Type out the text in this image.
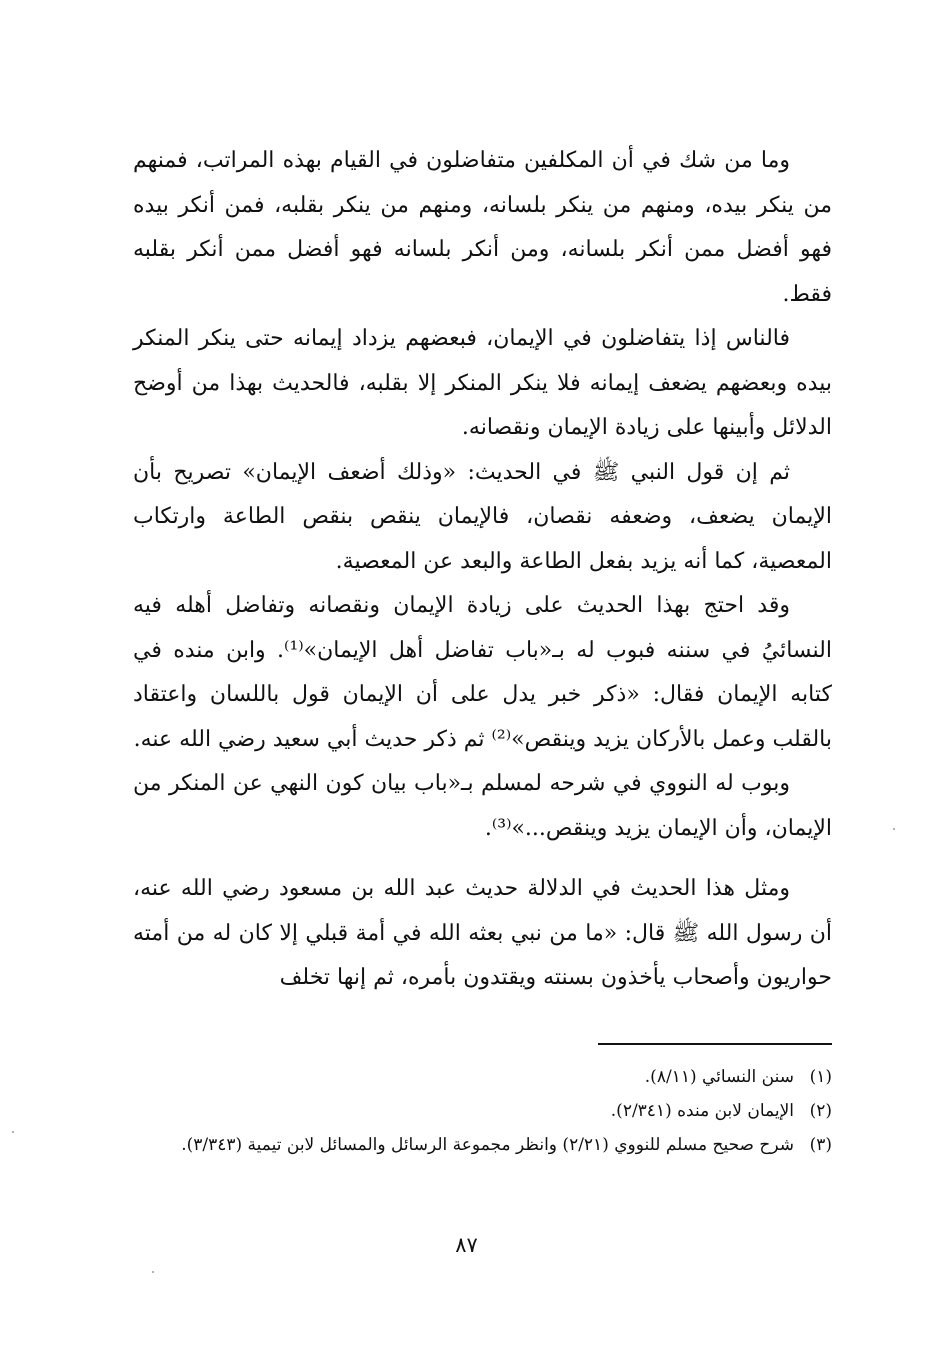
وما من شك في أن المكلفين متفاضلون في القيام بهذه المراتب، فمنهم من ينكر بيده، ومنهم من ينكر بلسانه، ومنهم من ينكر بقلبه، فمن أنكر بيده فهو أفضل ممن أنكر بلسانه، ومن أنكر بلسانه فهو أفضل ممن أنكر بقلبه فقط.

فالناس إذا يتفاضلون في الإيمان، فبعضهم يزداد إيمانه حتى ينكر المنكر بيده وبعضهم يضعف إيمانه فلا ينكر المنكر إلا بقلبه، فالحديث بهذا من أوضح الدلائل وأبينها على زيادة الإيمان ونقصانه.

ثم إن قول النبي ﷺ في الحديث: «وذلك أضعف الإيمان» تصريح بأن الإيمان يضعف، وضعفه نقصان، فالإيمان ينقص بنقص الطاعة وارتكاب المعصية، كما أنه يزيد بفعل الطاعة والبعد عن المعصية.

وقد احتج بهذا الحديث على زيادة الإيمان ونقصانه وتفاضل أهله فيه النسائيُ في سننه فبوب له بـ«باب تفاضل أهل الإيمان»⁽¹⁾. وابن منده في كتابه الإيمان فقال: «ذكر خبر يدل على أن الإيمان قول باللسان واعتقاد بالقلب وعمل بالأركان يزيد وينقص»⁽²⁾ ثم ذكر حديث أبي سعيد رضي الله عنه.

وبوب له النووي في شرحه لمسلم بـ«باب بيان كون النهي عن المنكر من الإيمان، وأن الإيمان يزيد وينقص...»⁽³⁾.

ومثل هذا الحديث في الدلالة حديث عبد الله بن مسعود رضي الله عنه، أن رسول الله ﷺ قال: «ما من نبي بعثه الله في أمة قبلي إلا كان له من أمته حواريون وأصحاب يأخذون بسنته ويقتدون بأمره، ثم إنها تخلف

(١)
سنن النسائي (٨/١١).
(٢)
الإيمان لابن منده (٢/٣٤١).
(٣)
شرح صحيح مسلم للنووي (٢/٢١) وانظر مجموعة الرسائل والمسائل لابن تيمية (٣/٣٤٣).
٨٧
